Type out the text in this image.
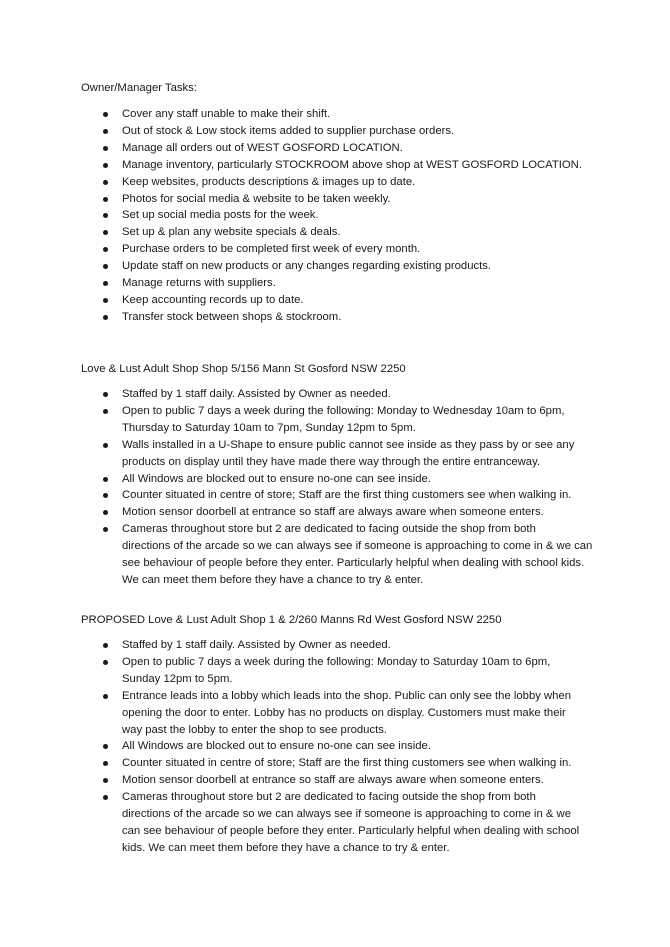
Owner/Manager Tasks:

Cover any staff unable to make their shift.
Out of stock & Low stock items added to supplier purchase orders.
Manage all orders out of WEST GOSFORD LOCATION.
Manage inventory, particularly STOCKROOM above shop at WEST GOSFORD LOCATION.
Keep websites, products descriptions & images up to date.
Photos for social media & website to be taken weekly.
Set up social media posts for the week.
Set up & plan any website specials & deals.
Purchase orders to be completed first week of every month.
Update staff on new products or any changes regarding existing products.
Manage returns with suppliers.
Keep accounting records up to date.
Transfer stock between shops & stockroom.

Love & Lust Adult Shop Shop 5/156 Mann St Gosford NSW 2250

Staffed by 1 staff daily. Assisted by Owner as needed.
Open to public 7 days a week during the following: Monday to Wednesday 10am to 6pm,
Thursday to Saturday 10am to 7pm, Sunday 12pm to 5pm.
Walls installed in a U-Shape to ensure public cannot see inside as they pass by or see any
products on display until they have made there way through the entire entranceway.
All Windows are blocked out to ensure no-one can see inside.
Counter situated in centre of store; Staff are the first thing customers see when walking in.
Motion sensor doorbell at entrance so staff are always aware when someone enters.
Cameras throughout store but 2 are dedicated to facing outside the shop from both
directions of the arcade so we can always see if someone is approaching to come in & we can
see behaviour of people before they enter. Particularly helpful when dealing with school kids.
We can meet them before they have a chance to try & enter.

PROPOSED Love & Lust Adult Shop 1 & 2/260 Manns Rd West Gosford NSW 2250

Staffed by 1 staff daily. Assisted by Owner as needed.
Open to public 7 days a week during the following: Monday to Saturday 10am to 6pm,
Sunday 12pm to 5pm.
Entrance leads into a lobby which leads into the shop. Public can only see the lobby when
opening the door to enter. Lobby has no products on display. Customers must make their
way past the lobby to enter the shop to see products.
All Windows are blocked out to ensure no-one can see inside.
Counter situated in centre of store; Staff are the first thing customers see when walking in.
Motion sensor doorbell at entrance so staff are always aware when someone enters.
Cameras throughout store but 2 are dedicated to facing outside the shop from both
directions of the arcade so we can always see if someone is approaching to come in & we
can see behaviour of people before they enter. Particularly helpful when dealing with school
kids. We can meet them before they have a chance to try & enter.
